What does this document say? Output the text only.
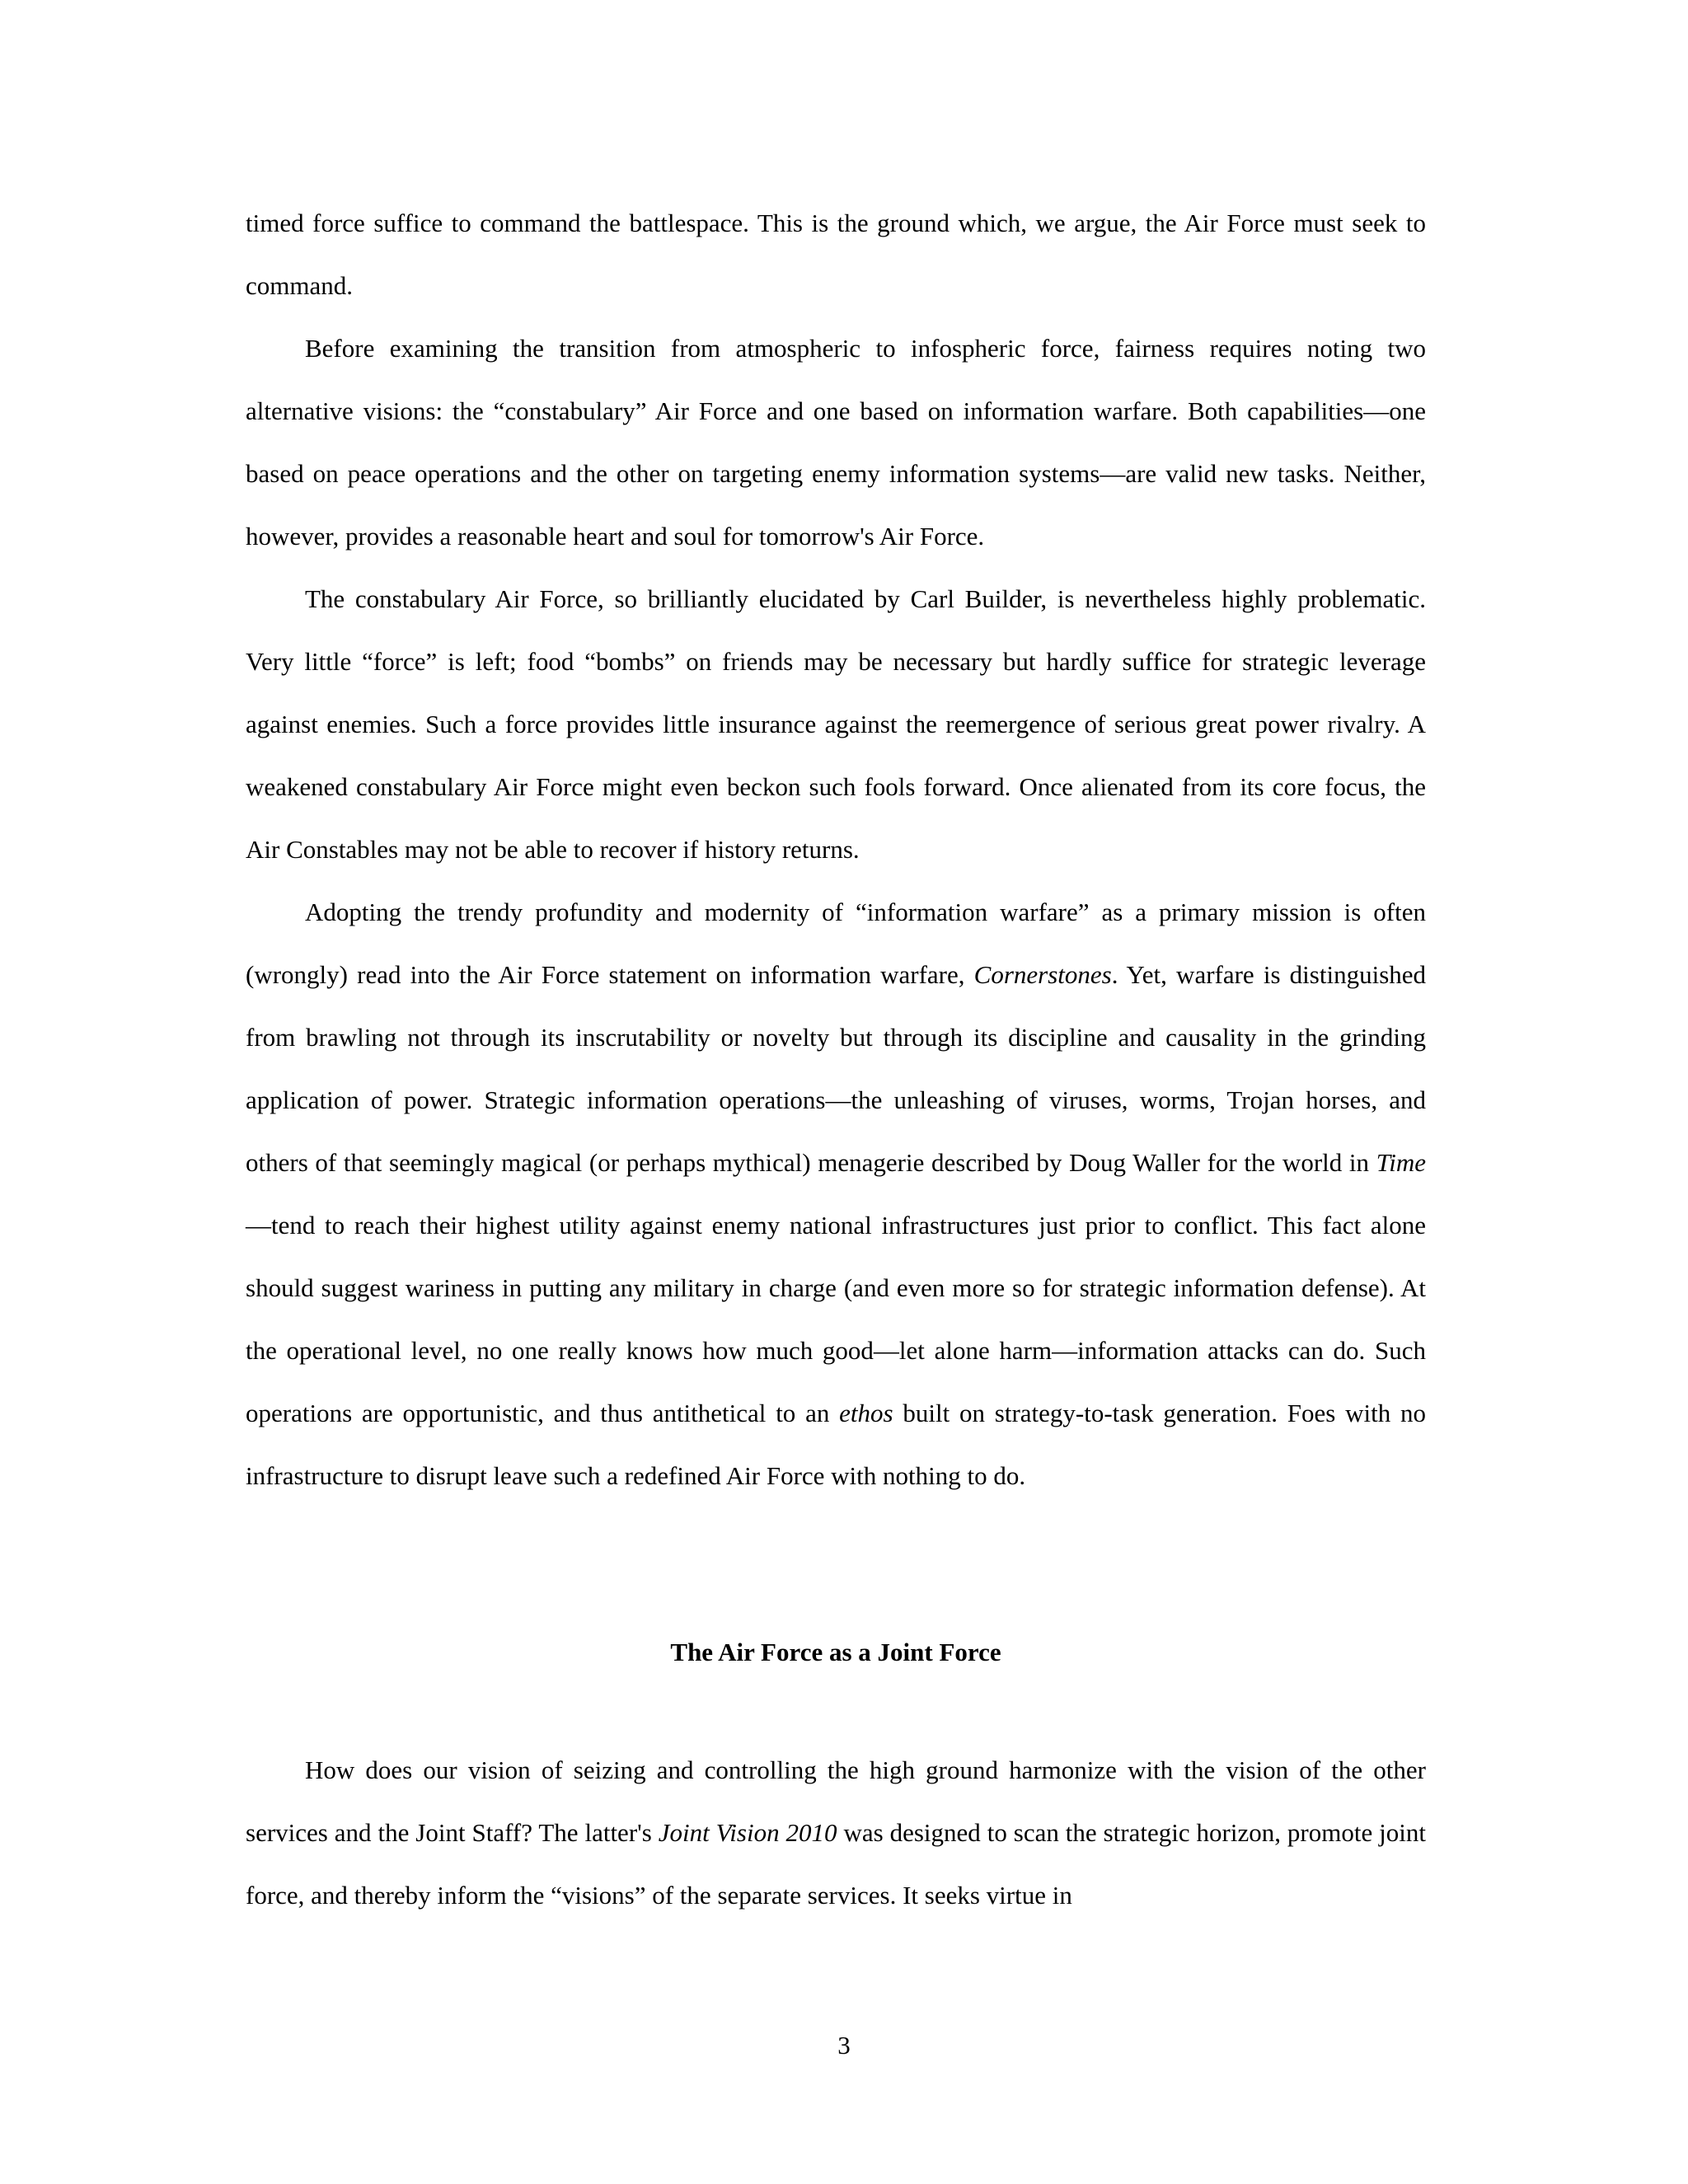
timed force suffice to command the battlespace. This is the ground which, we argue, the Air Force must seek to command.

Before examining the transition from atmospheric to infospheric force, fairness requires noting two alternative visions: the “constabulary” Air Force and one based on information warfare. Both capabilities—one based on peace operations and the other on targeting enemy information systems—are valid new tasks. Neither, however, provides a reasonable heart and soul for tomorrow's Air Force.

The constabulary Air Force, so brilliantly elucidated by Carl Builder, is nevertheless highly problematic. Very little “force” is left; food “bombs” on friends may be necessary but hardly suffice for strategic leverage against enemies. Such a force provides little insurance against the reemergence of serious great power rivalry. A weakened constabulary Air Force might even beckon such fools forward. Once alienated from its core focus, the Air Constables may not be able to recover if history returns.

Adopting the trendy profundity and modernity of “information warfare” as a primary mission is often (wrongly) read into the Air Force statement on information warfare, Cornerstones. Yet, warfare is distinguished from brawling not through its inscrutability or novelty but through its discipline and causality in the grinding application of power. Strategic information operations—the unleashing of viruses, worms, Trojan horses, and others of that seemingly magical (or perhaps mythical) menagerie described by Doug Waller for the world in Time—tend to reach their highest utility against enemy national infrastructures just prior to conflict. This fact alone should suggest wariness in putting any military in charge (and even more so for strategic information defense). At the operational level, no one really knows how much good—let alone harm—information attacks can do. Such operations are opportunistic, and thus antithetical to an ethos built on strategy-to-task generation. Foes with no infrastructure to disrupt leave such a redefined Air Force with nothing to do.

The Air Force as a Joint Force

How does our vision of seizing and controlling the high ground harmonize with the vision of the other services and the Joint Staff? The latter's Joint Vision 2010 was designed to scan the strategic horizon, promote joint force, and thereby inform the “visions” of the separate services. It seeks virtue in

3
